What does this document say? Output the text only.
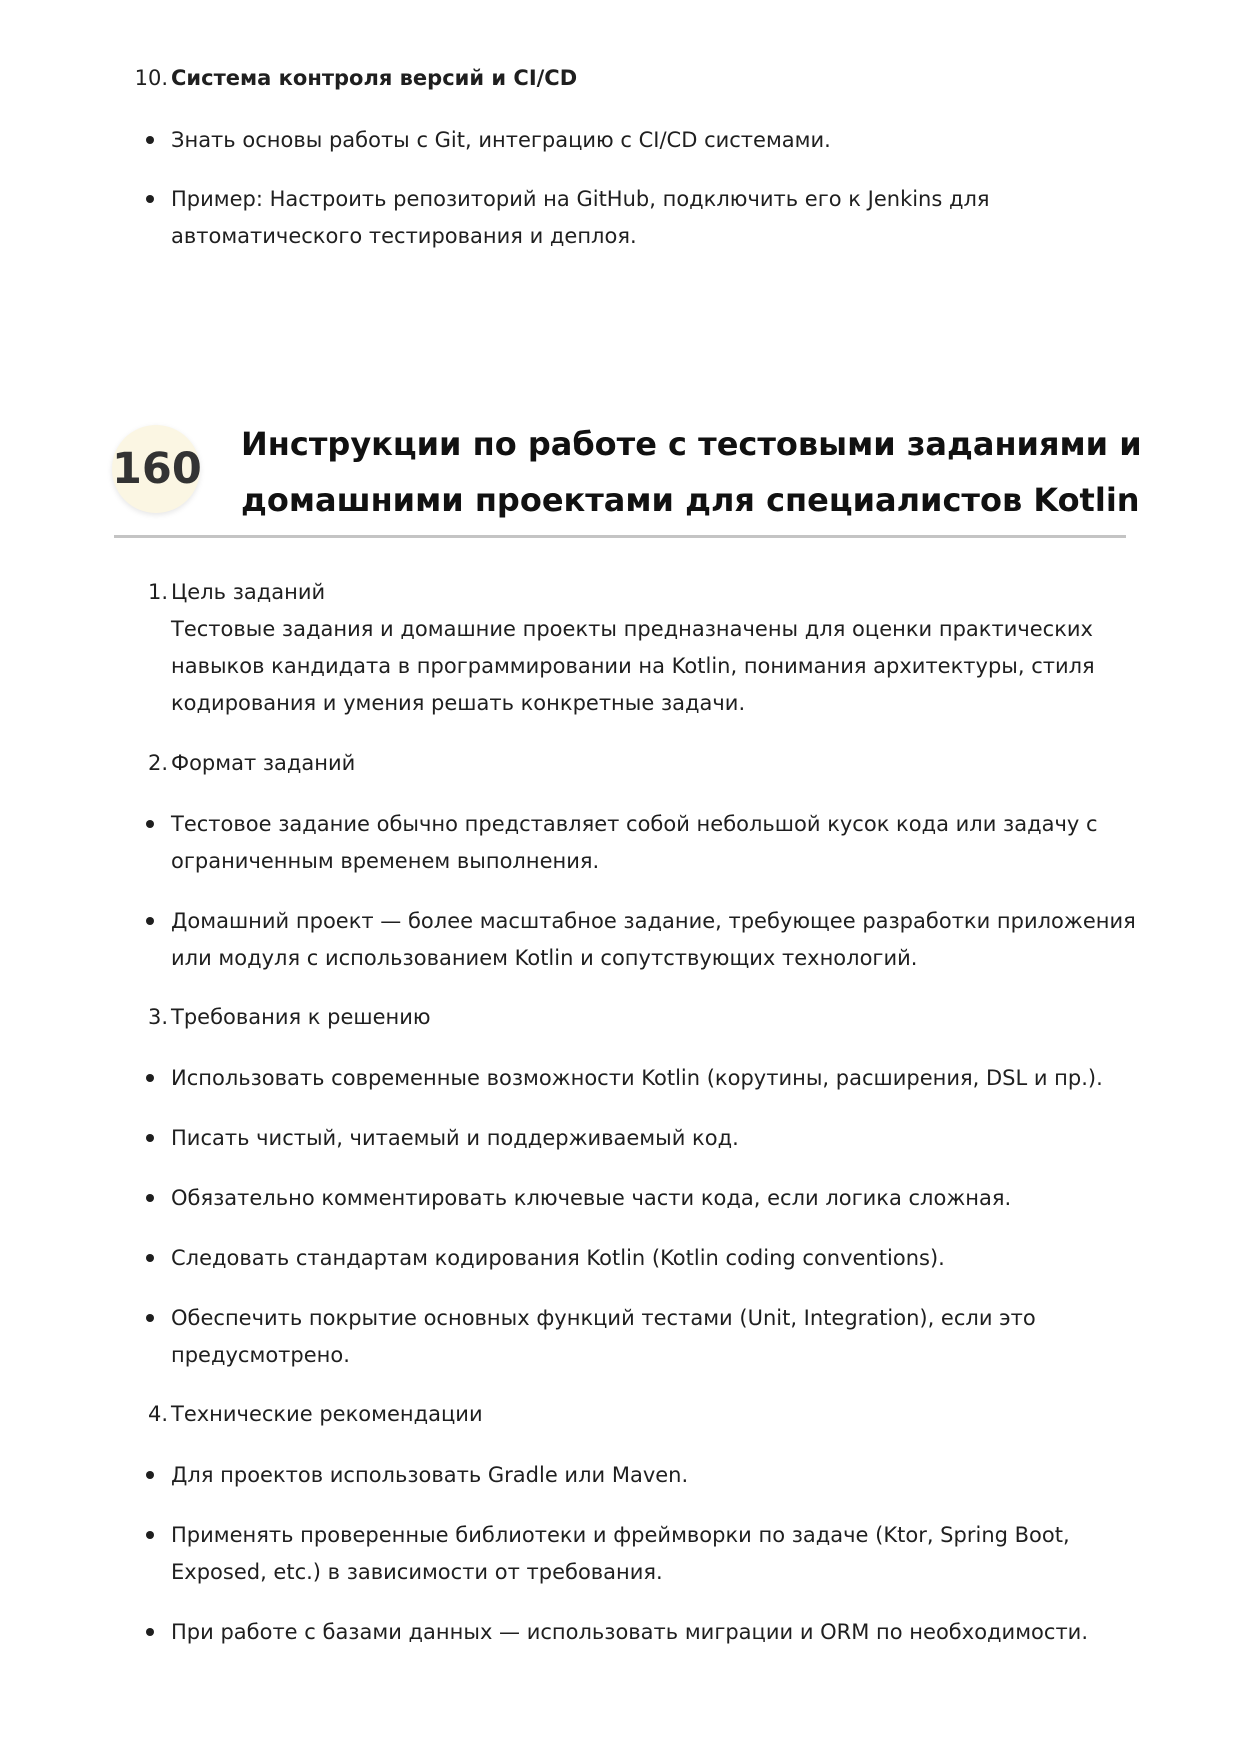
10. Система контроля версий и CI/CD
Знать основы работы с Git, интеграцию с CI/CD системами.
Пример: Настроить репозиторий на GitHub, подключить его к Jenkins для
автоматического тестирования и деплоя.
160 Инструкции по работе с тестовыми заданиями и
домашними проектами для специалистов Kotlin
1. Цель заданий
Тестовые задания и домашние проекты предназначены для оценки практических
навыков кандидата в программировании на Kotlin, понимания архитектуры, стиля
кодирования и умения решать конкретные задачи.
2. Формат заданий
Тестовое задание обычно представляет собой небольшой кусок кода или задачу с
ограниченным временем выполнения.
Домашний проект — более масштабное задание, требующее разработки приложения
или модуля с использованием Kotlin и сопутствующих технологий.
3. Требования к решению
Использовать современные возможности Kotlin (корутины, расширения, DSL и пр.).
Писать чистый, читаемый и поддерживаемый код.
Обязательно комментировать ключевые части кода, если логика сложная.
Следовать стандартам кодирования Kotlin (Kotlin coding conventions).
Обеспечить покрытие основных функций тестами (Unit, Integration), если это
предусмотрено.
4. Технические рекомендации
Для проектов использовать Gradle или Maven.
Применять проверенные библиотеки и фреймворки по задаче (Ktor, Spring Boot,
Exposed, etc.) в зависимости от требования.
При работе с базами данных — использовать миграции и ORM по необходимости.
